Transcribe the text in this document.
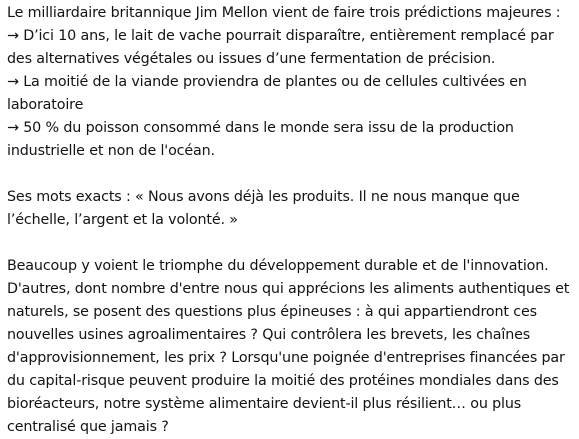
Le milliardaire britannique Jim Mellon vient de faire trois prédictions majeures :
→ D’ici 10 ans, le lait de vache pourrait disparaître, entièrement remplacé par des alternatives végétales ou issues d’une fermentation de précision.
→ La moitié de la viande proviendra de plantes ou de cellules cultivées en laboratoire
→ 50 % du poisson consommé dans le monde sera issu de la production industrielle et non de l'océan.

Ses mots exacts : « Nous avons déjà les produits. Il ne nous manque que l’échelle, l’argent et la volonté. »

Beaucoup y voient le triomphe du développement durable et de l'innovation. D'autres, dont nombre d'entre nous qui apprécions les aliments authentiques et naturels, se posent des questions plus épineuses : à qui appartiendront ces nouvelles usines agroalimentaires ? Qui contrôlera les brevets, les chaînes d'approvisionnement, les prix ? Lorsqu'une poignée d'entreprises financées par du capital-risque peuvent produire la moitié des protéines mondiales dans des bioréacteurs, notre système alimentaire devient-il plus résilient… ou plus centralisé que jamais ?
